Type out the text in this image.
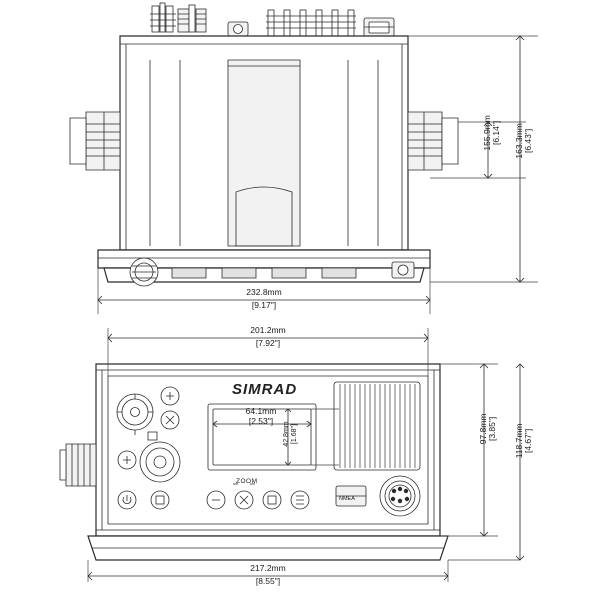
SIMRAD
ZOOM
NMEA
155.9mm [6.14"] 163.3mm [6.43"]
232.8mm
[9.17"]
201.2mm
[7.92"]
64.1mm
[2.53"]
42.8mm [1.68"]	97.8mm [3.85"] 118.7mm [4.67"]
217.2mm
[8.55"]
